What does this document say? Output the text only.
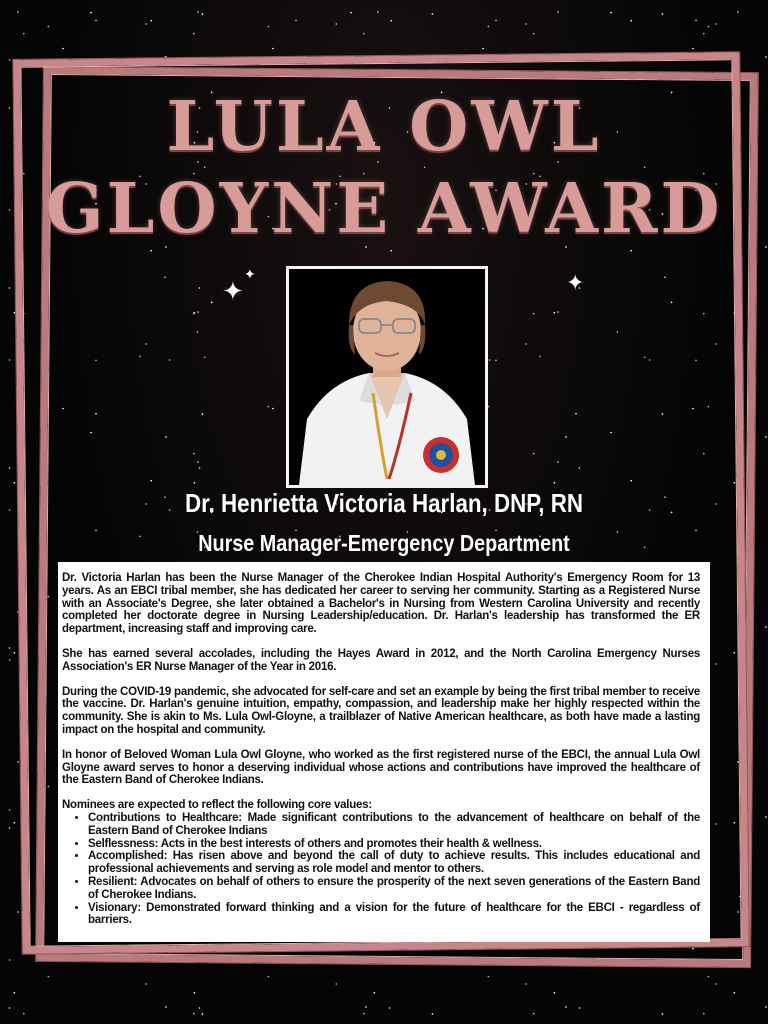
LULA OWL
GLOYNE AWARD
✦
✦	✦
Dr. Henrietta Victoria Harlan, DNP, RN
Nurse Manager-Emergency Department

Dr. Victoria Harlan has been the Nurse Manager of the Cherokee Indian Hospital Authority's Emergency Room for 13 years. As an EBCI tribal member, she has dedicated her career to serving her community. Starting as a Registered Nurse with an Associate's Degree, she later obtained a Bachelor's in Nursing from Western Carolina University and recently completed her doctorate degree in Nursing Leadership/education. Dr. Harlan's leadership has transformed the ER department, increasing staff and improving care.

She has earned several accolades, including the Hayes Award in 2012, and the North Carolina Emergency Nurses Association's ER Nurse Manager of the Year in 2016.

During the COVID-19 pandemic, she advocated for self-care and set an example by being the first tribal member to receive the vaccine. Dr. Harlan's genuine intuition, empathy, compassion, and leadership make her highly respected within the community. She is akin to Ms. Lula Owl-Gloyne, a trailblazer of Native American healthcare, as both have made a lasting impact on the hospital and community.

In honor of Beloved Woman Lula Owl Gloyne, who worked as the first registered nurse of the EBCI, the annual Lula Owl Gloyne award serves to honor a deserving individual whose actions and contributions have improved the healthcare of the Eastern Band of Cherokee Indians.

Nominees are expected to reflect the following core values:
• Contributions to Healthcare: Made significant contributions to the advancement of healthcare on behalf of the Eastern Band of Cherokee Indians
• Selflessness: Acts in the best interests of others and promotes their health & wellness.
• Accomplished: Has risen above and beyond the call of duty to achieve results. This includes educational and professional achievements and serving as role model and mentor to others.
• Resilient: Advocates on behalf of others to ensure the prosperity of the next seven generations of the Eastern Band of Cherokee Indians.
• Visionary: Demonstrated forward thinking and a vision for the future of healthcare for the EBCI - regardless of barriers.
